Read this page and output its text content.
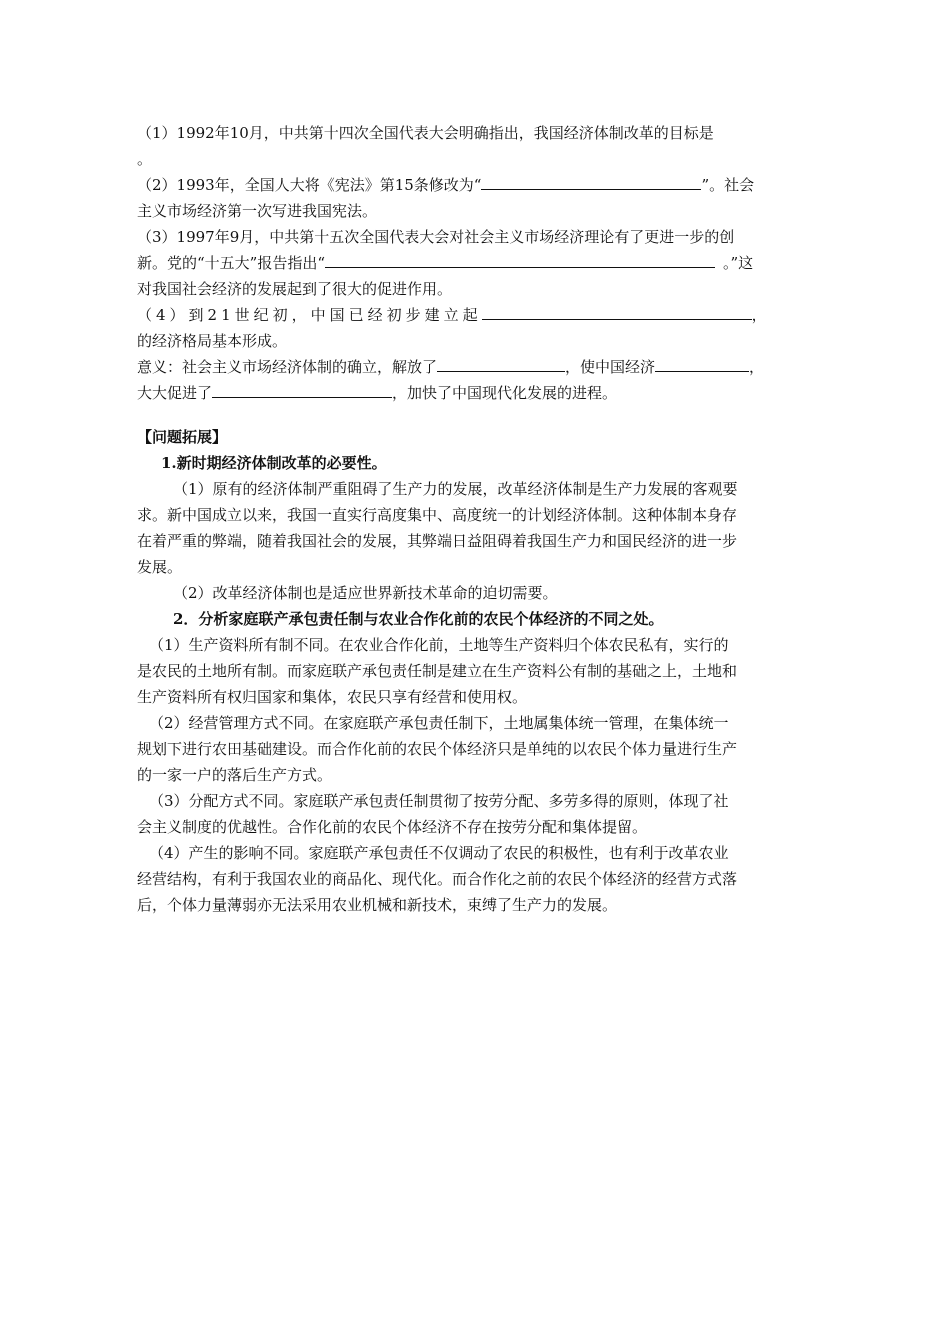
（1）1992年10月，中共第十四次全国代表大会明确指出，我国经济体制改革的目标是
。
（2）1993年，全国人大将《宪法》第15条修改为“	”。社会
主义市场经济第一次写进我国宪法。
（3）1997年9月，中共第十五次全国代表大会对社会主义市场经济理论有了更进一步的创
新。党的“十五大”报告指出“	。”这
对我国社会经济的发展起到了很大的促进作用。
（4）到21世纪初，中国已经初步建立起	，
的经济格局基本形成。
意义：社会主义市场经济体制的确立，解放了	，使中国经济	，
大大促进了	，加快了中国现代化发展的进程。
【问题拓展】
1.新时期经济体制改革的必要性。
（1）原有的经济体制严重阻碍了生产力的发展，改革经济体制是生产力发展的客观要
求。新中国成立以来，我国一直实行高度集中、高度统一的计划经济体制。这种体制本身存
在着严重的弊端，随着我国社会的发展，其弊端日益阻碍着我国生产力和国民经济的进一步
发展。
（2）改革经济体制也是适应世界新技术革命的迫切需要。
2．分析家庭联产承包责任制与农业合作化前的农民个体经济的不同之处。
（1）生产资料所有制不同。在农业合作化前，土地等生产资料归个体农民私有，实行的
是农民的土地所有制。而家庭联产承包责任制是建立在生产资料公有制的基础之上，土地和
生产资料所有权归国家和集体，农民只享有经营和使用权。
（2）经营管理方式不同。在家庭联产承包责任制下，土地属集体统一管理，在集体统一
规划下进行农田基础建设。而合作化前的农民个体经济只是单纯的以农民个体力量进行生产
的一家一户的落后生产方式。
（3）分配方式不同。家庭联产承包责任制贯彻了按劳分配、多劳多得的原则，体现了社
会主义制度的优越性。合作化前的农民个体经济不存在按劳分配和集体提留。
（4）产生的影响不同。家庭联产承包责任不仅调动了农民的积极性，也有利于改革农业
经营结构，有利于我国农业的商品化、现代化。而合作化之前的农民个体经济的经营方式落
后，个体力量薄弱亦无法采用农业机械和新技术，束缚了生产力的发展。
